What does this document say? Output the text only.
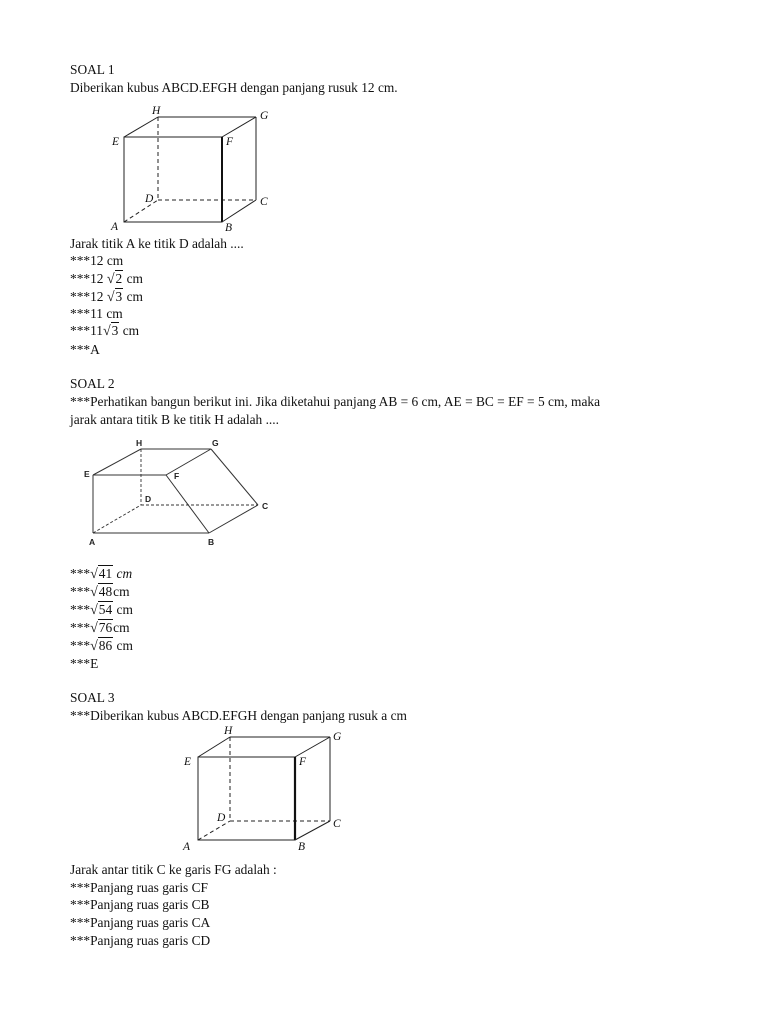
SOAL 1
Diberikan kubus ABCD.EFGH dengan panjang rusuk 12 cm.
H	G
E	F
D	C
A	B
Jarak titik A ke titik D adalah ....
***12 cm
***12 √2 cm
***12 √3 cm
***11 cm
***11√3 cm
***A
SOAL 2
***Perhatikan bangun berikut ini. Jika diketahui panjang AB = 6 cm, AE = BC = EF = 5 cm, maka
jarak antara titik B ke titik H adalah ....
H	G
E	F
D
C
A	B
***√41 cm
***√48cm
***√54 cm
***√76cm
***√86 cm
***E
SOAL 3
***Diberikan kubus ABCD.EFGH dengan panjang rusuk a cm
H	G
E	F
D	C
A	B
Jarak antar titik C ke garis FG adalah :
***Panjang ruas garis CF
***Panjang ruas garis CB
***Panjang ruas garis CA
***Panjang ruas garis CD
